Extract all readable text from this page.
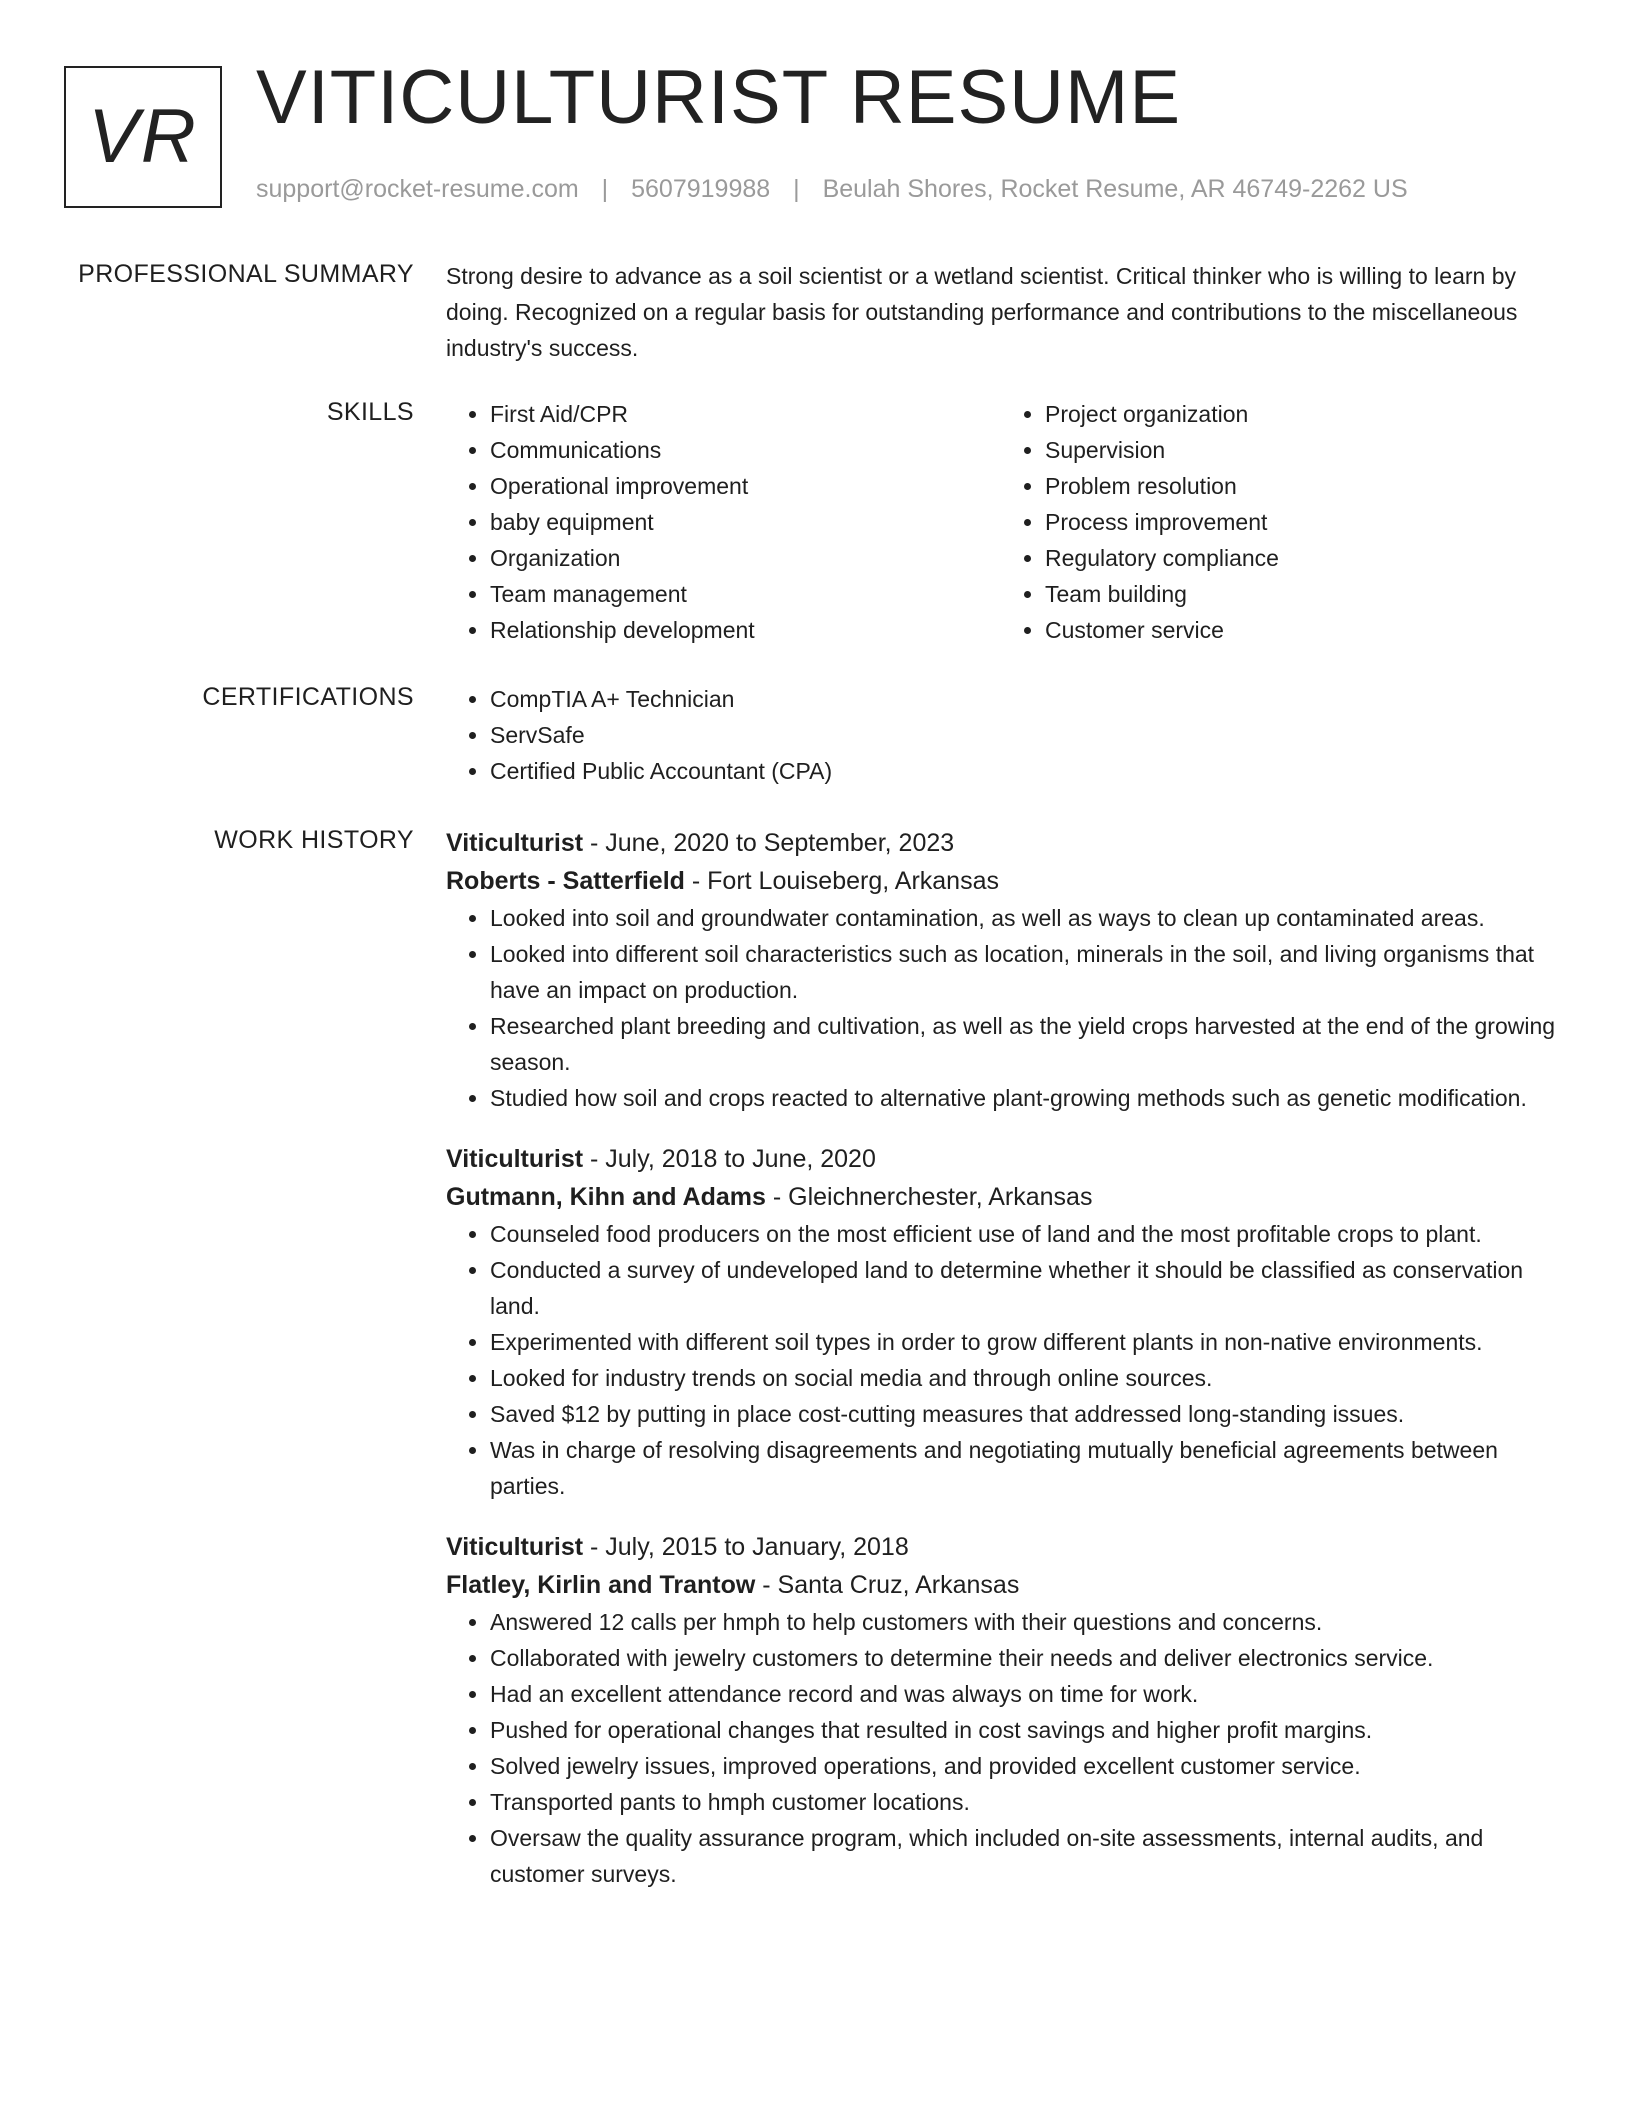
VR VITICULTURIST RESUME
support@rocket-resume.com | 5607919988 | Beulah Shores, Rocket Resume, AR 46749-2262 US
PROFESSIONAL SUMMARY Strong desire to advance as a soil scientist or a wetland scientist. Critical thinker who is willing to learn by doing. Recognized on a regular basis for outstanding performance and contributions to the miscellaneous industry's success.

SKILLS	• First Aid/CPR
• Communications
• Operational improvement
• baby equipment
• Organization
• Team management
• Relationship development
• Project organization
• Supervision
• Problem resolution
• Process improvement
• Regulatory compliance
• Team building
• Customer service
CERTIFICATIONS	• CompTIA A+ Technician
• ServSafe
• Certified Public Accountant (CPA)
WORK HISTORY Viticulturist - June, 2020 to September, 2023
Roberts - Satterfield - Fort Louiseberg, Arkansas
• Looked into soil and groundwater contamination, as well as ways to clean up contaminated areas.
• Looked into different soil characteristics such as location, minerals in the soil, and living organisms that have an impact on production.
• Researched plant breeding and cultivation, as well as the yield crops harvested at the end of the growing season.
• Studied how soil and crops reacted to alternative plant-growing methods such as genetic modification.
Viticulturist - July, 2018 to June, 2020
Gutmann, Kihn and Adams - Gleichnerchester, Arkansas
• Counseled food producers on the most efficient use of land and the most profitable crops to plant.
• Conducted a survey of undeveloped land to determine whether it should be classified as conservation land.
• Experimented with different soil types in order to grow different plants in non-native environments.
• Looked for industry trends on social media and through online sources.
• Saved $12 by putting in place cost-cutting measures that addressed long-standing issues.
• Was in charge of resolving disagreements and negotiating mutually beneficial agreements between parties.
Viticulturist - July, 2015 to January, 2018
Flatley, Kirlin and Trantow - Santa Cruz, Arkansas
• Answered 12 calls per hmph to help customers with their questions and concerns.
• Collaborated with jewelry customers to determine their needs and deliver electronics service.
• Had an excellent attendance record and was always on time for work.
• Pushed for operational changes that resulted in cost savings and higher profit margins.
• Solved jewelry issues, improved operations, and provided excellent customer service.
• Transported pants to hmph customer locations.
• Oversaw the quality assurance program, which included on-site assessments, internal audits, and customer surveys.
